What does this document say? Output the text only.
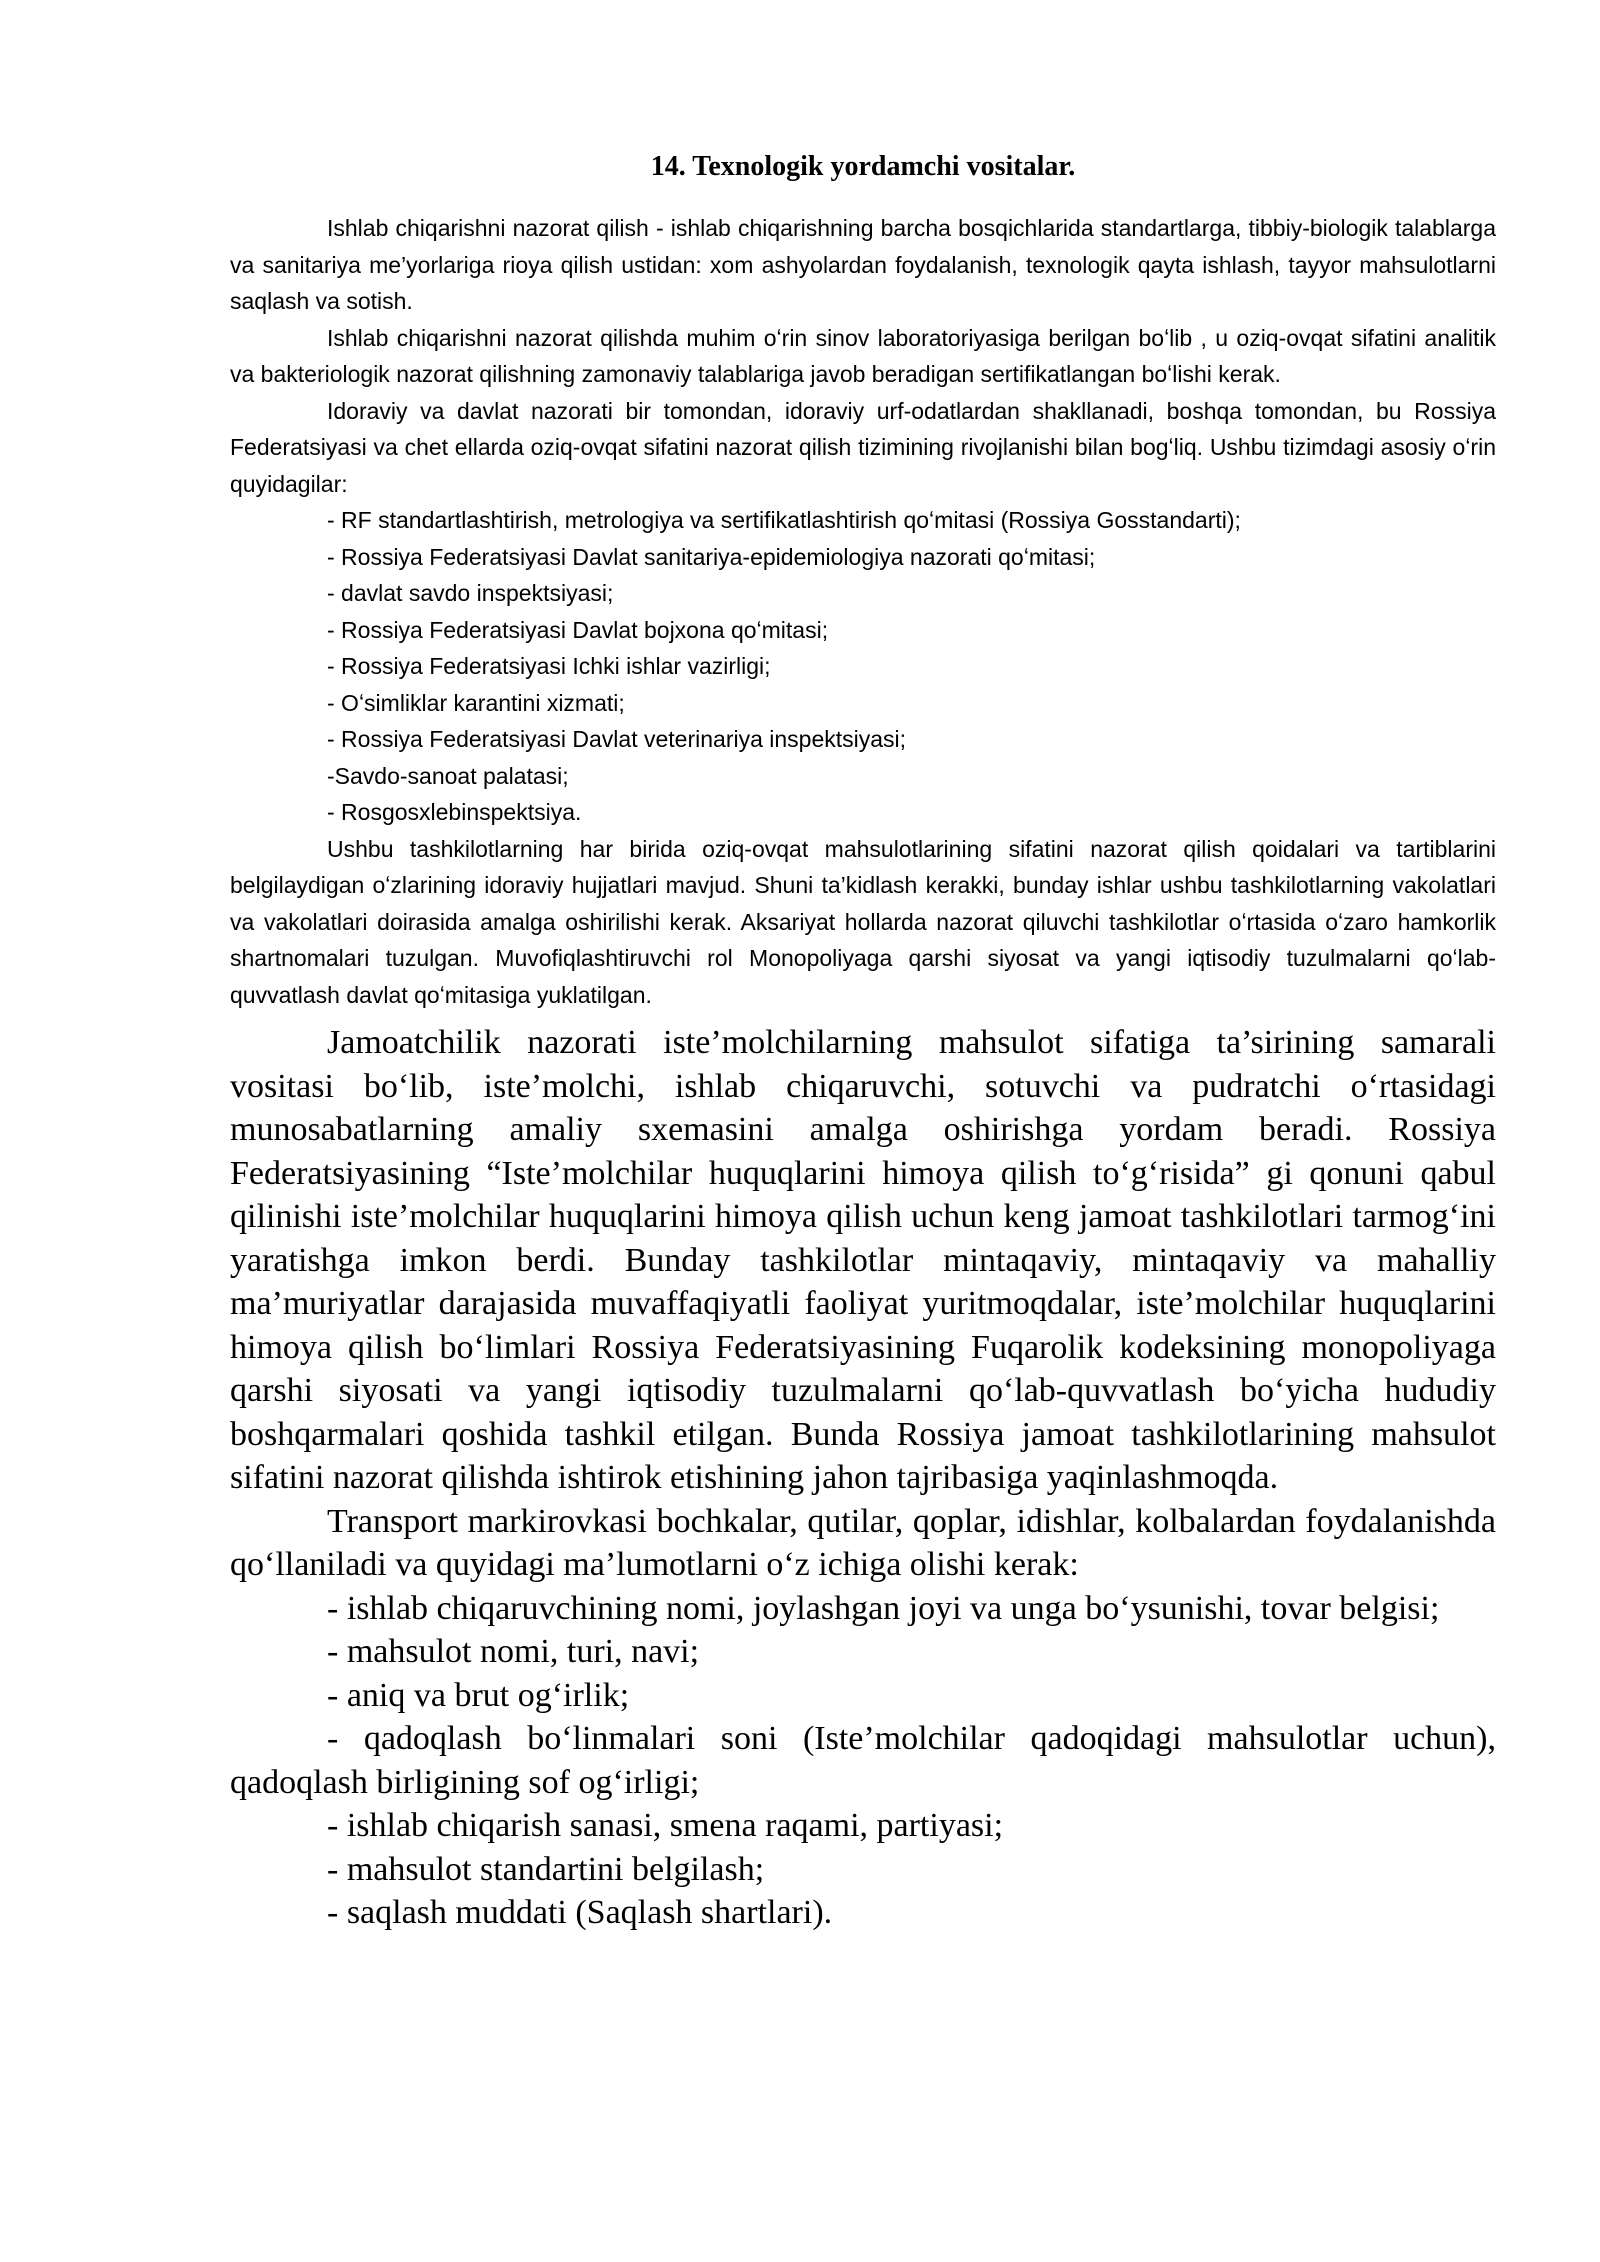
14. Texnologik yordamchi vositalar.

Ishlab chiqarishni nazorat qilish - ishlab chiqarishning barcha bosqichlarida standartlarga, tibbiy-biologik talablarga va sanitariya me’yorlariga rioya qilish ustidan: xom ashyolardan foydalanish, texnologik qayta ishlash, tayyor mahsulotlarni saqlash va sotish.

Ishlab chiqarishni nazorat qilishda muhim oʻrin sinov laboratoriyasiga berilgan boʻlib , u oziq-ovqat sifatini analitik va bakteriologik nazorat qilishning zamonaviy talablariga javob beradigan sertifikatlangan boʻlishi kerak.

Idoraviy va davlat nazorati bir tomondan, idoraviy urf-odatlardan shakllanadi, boshqa tomondan, bu Rossiya Federatsiyasi va chet ellarda oziq-ovqat sifatini nazorat qilish tizimining rivojlanishi bilan bogʻliq. Ushbu tizimdagi asosiy oʻrin quyidagilar:

- RF standartlashtirish, metrologiya va sertifikatlashtirish qoʻmitasi (Rossiya Gosstandarti);
- Rossiya Federatsiyasi Davlat sanitariya-epidemiologiya nazorati qoʻmitasi;
- davlat savdo inspektsiyasi;
- Rossiya Federatsiyasi Davlat bojxona qoʻmitasi;
- Rossiya Federatsiyasi Ichki ishlar vazirligi;
- Oʻsimliklar karantini xizmati;
- Rossiya Federatsiyasi Davlat veterinariya inspektsiyasi;
-Savdo-sanoat palatasi;
- Rosgosxlebinspektsiya.

Ushbu tashkilotlarning har birida oziq-ovqat mahsulotlarining sifatini nazorat qilish qoidalari va tartiblarini belgilaydigan oʻzlarining idoraviy hujjatlari mavjud. Shuni ta’kidlash kerakki, bunday ishlar ushbu tashkilotlarning vakolatlari va vakolatlari doirasida amalga oshirilishi kerak. Aksariyat hollarda nazorat qiluvchi tashkilotlar oʻrtasida oʻzaro hamkorlik shartnomalari tuzulgan. Muvofiqlashtiruvchi rol Monopoliyaga qarshi siyosat va yangi iqtisodiy tuzulmalarni qoʻlab-quvvatlash davlat qoʻmitasiga yuklatilgan.

Jamoatchilik nazorati iste’molchilarning mahsulot sifatiga ta’sirining samarali vositasi boʻlib, iste’molchi, ishlab chiqaruvchi, sotuvchi va pudratchi oʻrtasidagi munosabatlarning amaliy sxemasini amalga oshirishga yordam beradi. Rossiya Federatsiyasining “Iste’molchilar huquqlarini himoya qilish toʻgʻrisida” gi qonuni qabul qilinishi iste’molchilar huquqlarini himoya qilish uchun keng jamoat tashkilotlari tarmogʻini yaratishga imkon berdi. Bunday tashkilotlar mintaqaviy, mintaqaviy va mahalliy ma’muriyatlar darajasida muvaffaqiyatli faoliyat yuritmoqdalar, iste’molchilar huquqlarini himoya qilish boʻlimlari Rossiya Federatsiyasining Fuqarolik kodeksining monopoliyaga qarshi siyosati va yangi iqtisodiy tuzulmalarni qoʻlab-quvvatlash boʻyicha hududiy boshqarmalari qoshida tashkil etilgan. Bunda Rossiya jamoat tashkilotlarining mahsulot sifatini nazorat qilishda ishtirok etishining jahon tajribasiga yaqinlashmoqda.

Transport markirovkasi bochkalar, qutilar, qoplar, idishlar, kolbalardan foydalanishda qoʻllaniladi va quyidagi ma’lumotlarni oʻz ichiga olishi kerak:

- ishlab chiqaruvchining nomi, joylashgan joyi va unga boʻysunishi, tovar belgisi;
- mahsulot nomi, turi, navi;
- aniq va brut ogʻirlik;
- qadoqlash boʻlinmalari soni (Iste’molchilar qadoqidagi mahsulotlar uchun), qadoqlash birligining sof ogʻirligi;
- ishlab chiqarish sanasi, smena raqami, partiyasi;
- mahsulot standartini belgilash;
- saqlash muddati (Saqlash shartlari).
